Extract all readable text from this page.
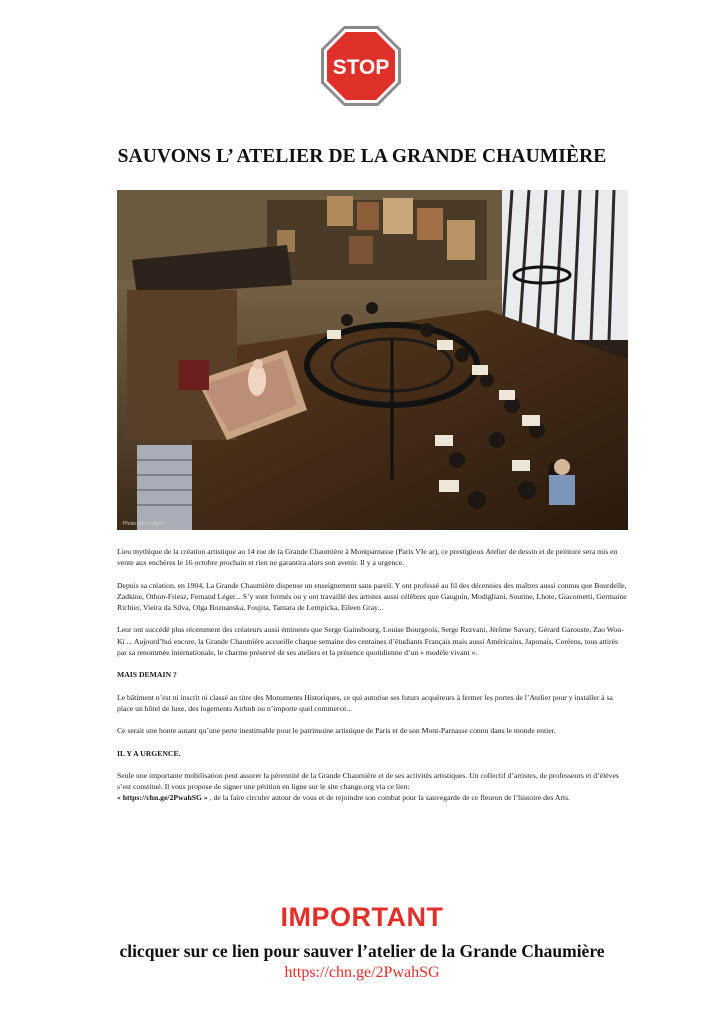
STOP
SAUVONS L’ ATELIER DE LA GRANDE CHAUMIÈRE
Photo: Elise Ulijerz

Lieu mythique de la création artistique au 14 rue de la Grande Chaumière à Montparnasse (Paris VIe ar), ce prestigieux Atelier de dessin et de peinture sera mis en vente aux enchères le 16 octobre prochain et rien ne garantira alors son avenir. Il y a urgence.

Depuis sa création, en 1904, La Grande Chaumière dispense un enseignement sans pareil. Y ont professé au fil des décennies des maîtres aussi connus que Bourdelle, Zadkine, Othon-Friesz, Fernand Léger... S’y sont formés ou y ont travaillé des artistes aussi célèbres que Gauguin, Modigliani, Soutine, Lhote, Giacometti, Germaine Richier, Vieira da Silva, Olga Boznanska, Foujita, Tamara de Lempicka, Eileen Gray...

Leur ont succédé plus récemment des créateurs aussi éminents que Serge Gainsbourg, Louise Bourgeois, Serge Rezvani, Jérôme Savary, Gérard Garouste, Zao Wou-Ki ... Aujourd’hui encore, la Grande Chaumière accueille chaque semaine des centaines d’étudiants Français mais aussi Américains, Japonais, Coréens, tous attirés par sa renommée internationale, le charme préservé de ses ateliers et la présence quotidienne d’un « modèle vivant ».

MAIS DEMAIN ?

Le bâtiment n’est ni inscrit ni classé au titre des Monuments Historiques, ce qui autorise ses futurs acquéreurs à fermer les portes de l’Atelier pour y installer à sa place un hôtel de luxe, des logements Airbnb ou n’importe quel commerce...

Ce serait une honte autant qu’une perte inestimable pour le patrimoine artistique de Paris et de son Mont-Parnasse connu dans le monde entier.

IL Y A URGENCE.

Seule une importante mobilisation peut assurer la pérennité de la Grande Chaumière et de ses activités artistiques. Un collectif d’artistes, de professeurs et d’élèves s’est constitué. Il vous propose de signer une pétition en ligne sur le site change.org via ce lien:
« https://chn.ge/2PwahSG » , de la faire circuler autour de vous et de rejoindre son combat pour la sauvegarde de ce fleuron de l’histoire des Arts.

IMPORTANT
clicquer sur ce lien pour sauver l’atelier de la Grande Chaumière
https://chn.ge/2PwahSG
